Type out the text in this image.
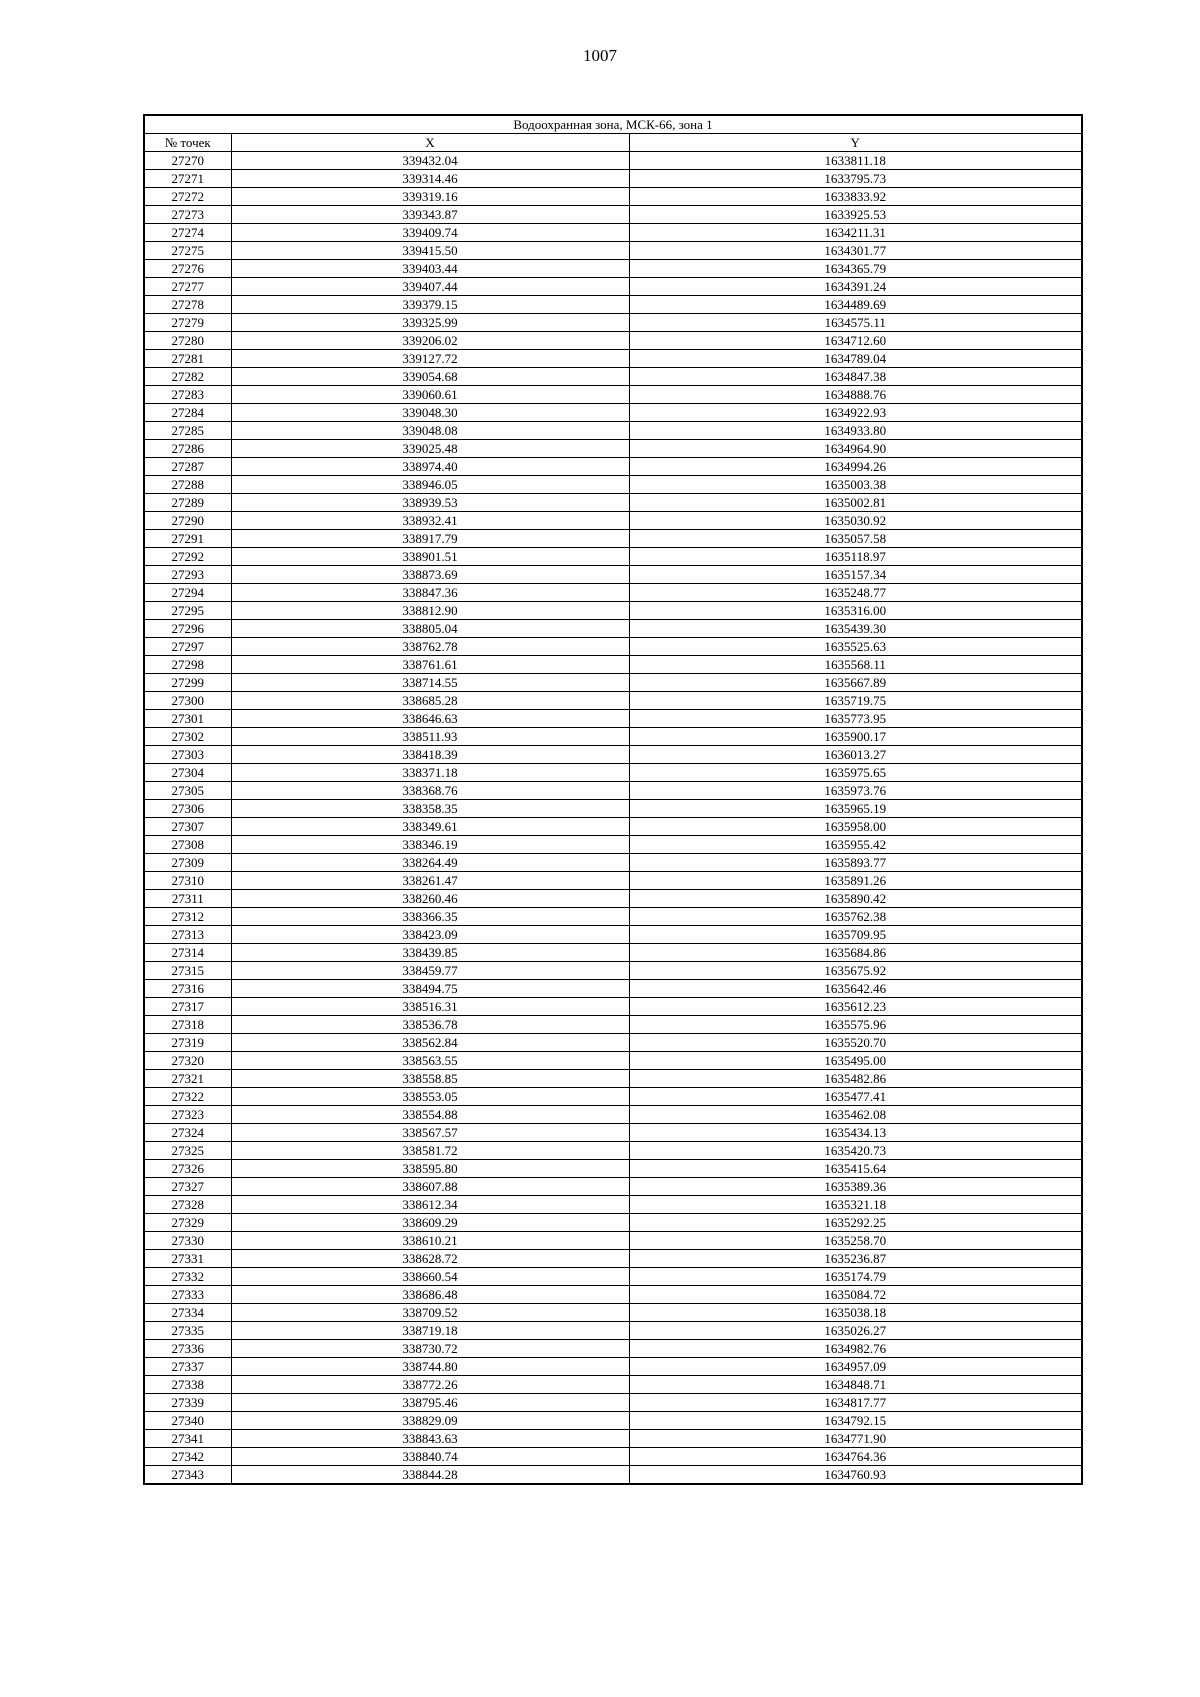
1007
Водоохранная зона, МСК-66, зона 1		
№ точек	X	Y
27270	339432.04	1633811.18
27271	339314.46	1633795.73
27272	339319.16	1633833.92
27273	339343.87	1633925.53
27274	339409.74	1634211.31
27275	339415.50	1634301.77
27276	339403.44	1634365.79
27277	339407.44	1634391.24
27278	339379.15	1634489.69
27279	339325.99	1634575.11
27280	339206.02	1634712.60
27281	339127.72	1634789.04
27282	339054.68	1634847.38
27283	339060.61	1634888.76
27284	339048.30	1634922.93
27285	339048.08	1634933.80
27286	339025.48	1634964.90
27287	338974.40	1634994.26
27288	338946.05	1635003.38
27289	338939.53	1635002.81
27290	338932.41	1635030.92
27291	338917.79	1635057.58
27292	338901.51	1635118.97
27293	338873.69	1635157.34
27294	338847.36	1635248.77
27295	338812.90	1635316.00
27296	338805.04	1635439.30
27297	338762.78	1635525.63
27298	338761.61	1635568.11
27299	338714.55	1635667.89
27300	338685.28	1635719.75
27301	338646.63	1635773.95
27302	338511.93	1635900.17
27303	338418.39	1636013.27
27304	338371.18	1635975.65
27305	338368.76	1635973.76
27306	338358.35	1635965.19
27307	338349.61	1635958.00
27308	338346.19	1635955.42
27309	338264.49	1635893.77
27310	338261.47	1635891.26
27311	338260.46	1635890.42
27312	338366.35	1635762.38
27313	338423.09	1635709.95
27314	338439.85	1635684.86
27315	338459.77	1635675.92
27316	338494.75	1635642.46
27317	338516.31	1635612.23
27318	338536.78	1635575.96
27319	338562.84	1635520.70
27320	338563.55	1635495.00
27321	338558.85	1635482.86
27322	338553.05	1635477.41
27323	338554.88	1635462.08
27324	338567.57	1635434.13
27325	338581.72	1635420.73
27326	338595.80	1635415.64
27327	338607.88	1635389.36
27328	338612.34	1635321.18
27329	338609.29	1635292.25
27330	338610.21	1635258.70
27331	338628.72	1635236.87
27332	338660.54	1635174.79
27333	338686.48	1635084.72
27334	338709.52	1635038.18
27335	338719.18	1635026.27
27336	338730.72	1634982.76
27337	338744.80	1634957.09
27338	338772.26	1634848.71
27339	338795.46	1634817.77
27340	338829.09	1634792.15
27341	338843.63	1634771.90
27342	338840.74	1634764.36
27343	338844.28	1634760.93
